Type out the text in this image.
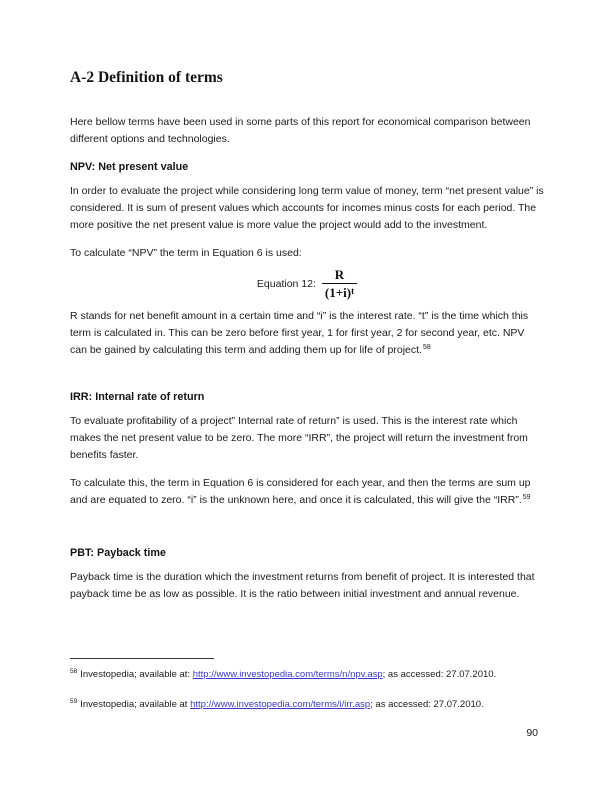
A-2 Definition of terms

Here bellow terms have been used in some parts of this report for economical comparison between different options and technologies.

NPV: Net present value

In order to evaluate the project while considering long term value of money, term “net present value” is considered. It is sum of present values which accounts for incomes minus costs for each period. The more positive the net present value is more value the project would add to the investment.

To calculate “NPV” the term in Equation 6 is used:

Equation 12: $\frac{R}{(1+i)^t}$

R stands for net benefit amount in a certain time and “i” is the interest rate. “t” is the time which this term is calculated in. This can be zero before first year, 1 for first year, 2 for second year, etc. NPV can be gained by calculating this term and adding them up for life of project.$^{58}$

IRR: Internal rate of return

To evaluate profitability of a project” Internal rate of return” is used. This is the interest rate which makes the net present value to be zero. The more “IRR”, the project will return the investment from benefits faster.

To calculate this, the term in Equation 6 is considered for each year, and then the terms are sum up and are equated to zero. “i” is the unknown here, and once it is calculated, this will give the “IRR”.$^{59}$

PBT: Payback time

Payback time is the duration which the investment returns from benefit of project. It is interested that payback time be as low as possible. It is the ratio between initial investment and annual revenue.

$^{58}$ Investopedia; available at: http://www.investopedia.com/terms/n/npv.asp; as accessed: 27.07.2010.

$^{59}$ Investopedia; available at http://www.investopedia.com/terms/i/irr.asp; as accessed: 27.07.2010.

90
